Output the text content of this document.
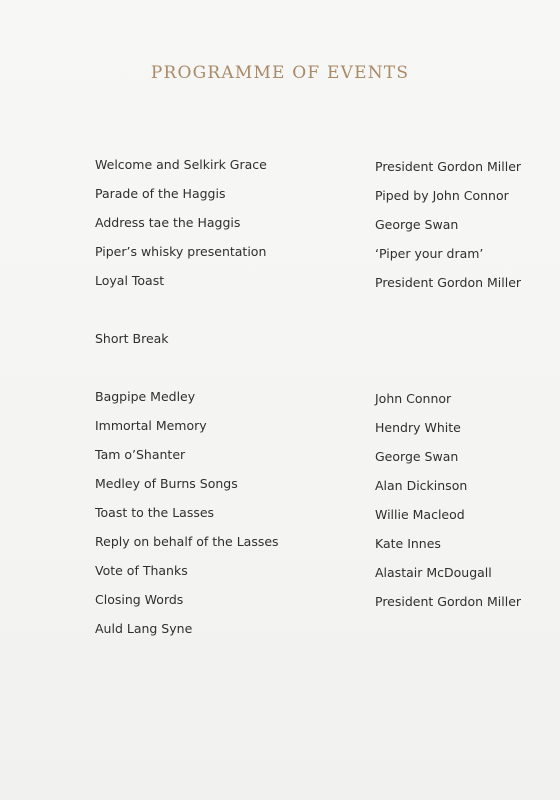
PROGRAMME OF EVENTS
Welcome and Selkirk Grace	President Gordon Miller
Parade of the Haggis	Piped by John Connor
Address tae the Haggis	George Swan
Piper’s whisky presentation	‘Piper your dram’
Loyal Toast	President Gordon Miller
Short Break
Bagpipe Medley	John Connor
Immortal Memory	Hendry White
Tam o’Shanter	George Swan
Medley of Burns Songs	Alan Dickinson
Toast to the Lasses	Willie Macleod
Reply on behalf of the Lasses	Kate Innes
Vote of Thanks	Alastair McDougall
Closing Words	President Gordon Miller
Auld Lang Syne
